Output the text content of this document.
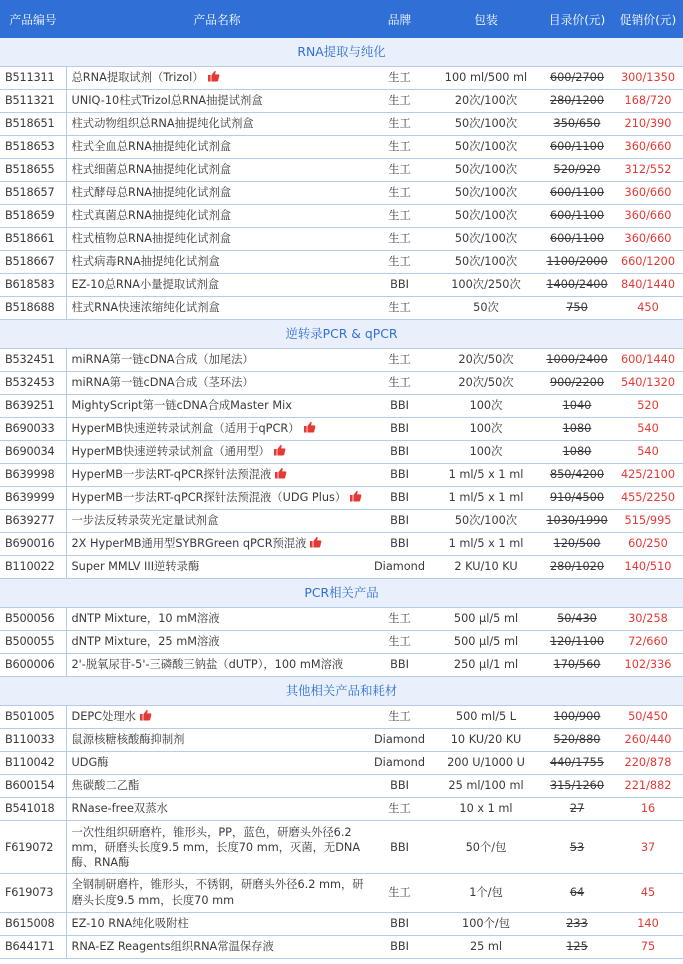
产品编号	产品名称	品牌	包装	目录价(元)	促销价(元)
RNA提取与纯化					
B511311	总RNA提取试剂（Trizol）	生工	100 ml/500 ml	600/2700	300/1350
B511321	UNIQ-10柱式Trizol总RNA抽提试剂盒	生工	20次/100次	280/1200	168/720
B518651	柱式动物组织总RNA抽提纯化试剂盒	生工	50次/100次	350/650	210/390
B518653	柱式全血总RNA抽提纯化试剂盒	生工	50次/100次	600/1100	360/660
B518655	柱式细菌总RNA抽提纯化试剂盒	生工	50次/100次	520/920	312/552
B518657	柱式酵母总RNA抽提纯化试剂盒	生工	50次/100次	600/1100	360/660
B518659	柱式真菌总RNA抽提纯化试剂盒	生工	50次/100次	600/1100	360/660
B518661	柱式植物总RNA抽提纯化试剂盒	生工	50次/100次	600/1100	360/660
B518667	柱式病毒RNA抽提纯化试剂盒	生工	50次/100次	1100/2000	660/1200
B618583	EZ-10总RNA小量提取试剂盒	BBI	100次/250次	1400/2400	840/1440
B518688	柱式RNA快速浓缩纯化试剂盒	生工	50次	750	450
逆转录PCR & qPCR					
B532451	miRNA第一链cDNA合成（加尾法）	生工	20次/50次	1000/2400	600/1440
B532453	miRNA第一链cDNA合成（茎环法）	生工	20次/50次	900/2200	540/1320
B639251	MightyScript第一链cDNA合成Master Mix	BBI	100次	1040	520
B690033	HyperMB快速逆转录试剂盒（适用于qPCR）	BBI	100次	1080	540
B690034	HyperMB快速逆转录试剂盒（通用型）	BBI	100次	1080	540
B639998	HyperMB一步法RT-qPCR探针法预混液	BBI	1 ml/5 x 1 ml	850/4200	425/2100
B639999	HyperMB一步法RT-qPCR探针法预混液（UDG Plus）	BBI	1 ml/5 x 1 ml	910/4500	455/2250
B639277	一步法反转录荧光定量试剂盒	BBI	50次/100次	1030/1990	515/995
B690016	2X HyperMB通用型SYBRGreen qPCR预混液	BBI	1 ml/5 x 1 ml	120/500	60/250
B110022	Super MMLV III逆转录酶	Diamond	2 KU/10 KU	280/1020	140/510
PCR相关产品					
B500056	dNTP Mixture，10 mM溶液	生工	500 µl/5 ml	50/430	30/258
B500055	dNTP Mixture，25 mM溶液	生工	500 µl/5 ml	120/1100	72/660
B600006	2'-脱氧尿苷-5'-三磷酸三钠盐（dUTP），100 mM溶液	BBI	250 µl/1 ml	170/560	102/336
其他相关产品和耗材					
B501005	DEPC处理水	生工	500 ml/5 L	100/900	50/450
B110033	鼠源核糖核酸酶抑制剂	Diamond	10 KU/20 KU	520/880	260/440
B110042	UDG酶	Diamond	200 U/1000 U	440/1755	220/878
B600154	焦碳酸二乙酯	BBI	25 ml/100 ml	315/1260	221/882
B541018	RNase-free双蒸水	生工	10 x 1 ml	27	16
F619072	一次性组织研磨杵，锥形头，PP，蓝色，研磨头外径6.2 mm，研磨头长度9.5 mm，长度70 mm，灭菌，无DNA酶、RNA酶	BBI	50个/包	53	37
F619073	全钢制研磨杵，锥形头，不锈钢，研磨头外径6.2 mm，研磨头长度9.5 mm，长度70 mm	生工	1个/包	64	45
B615008	EZ-10 RNA纯化吸附柱	BBI	100个/包	233	140
B644171	RNA-EZ Reagents组织RNA常温保存液	BBI	25 ml	125	75
